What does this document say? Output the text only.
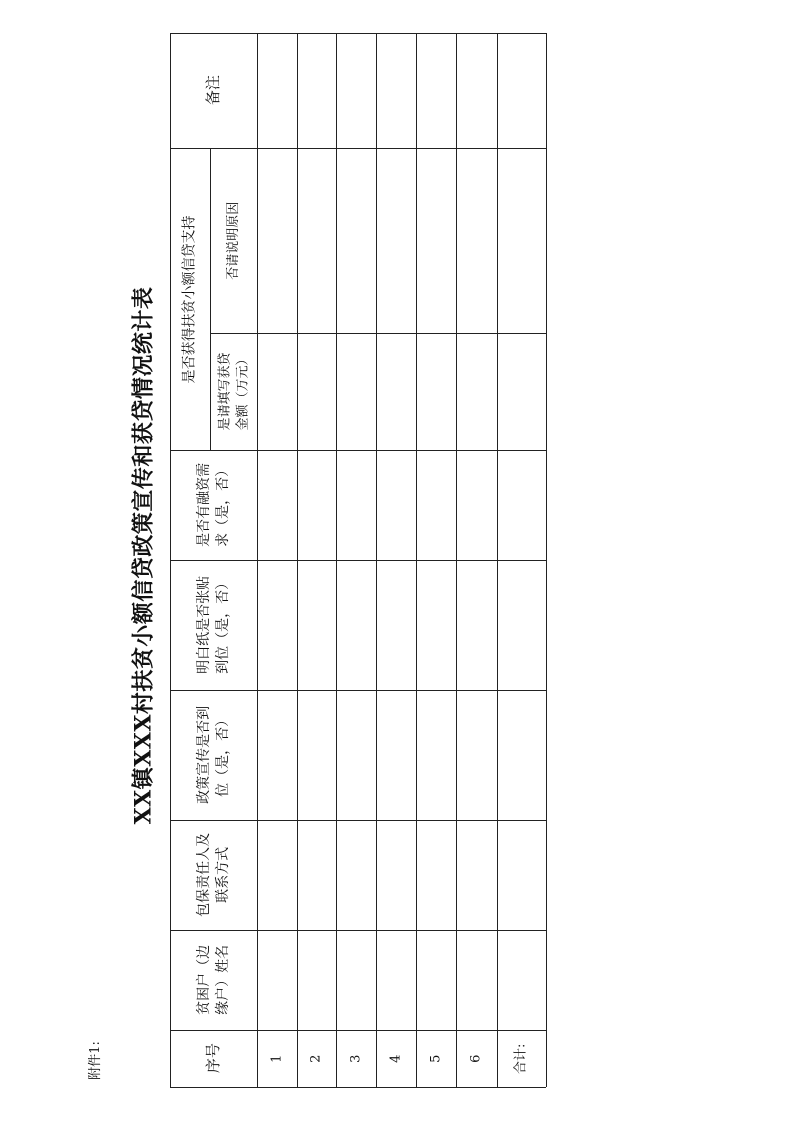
附件1:
XX镇XXX村扶贫小额信贷政策宣传和获贷情况统计表
序号
贫困户（边
缘户）姓名
包保责任人及
联系方式
政策宣传是否到
位（是，否）
明白纸是否张贴
到位（是，否）
是否有融资需
求（是，否）
是否获得扶贫小额信贷支持
是请填写获贷
金额（万元）
否请说明原因
备注
1 2 3 4 5 6 合计:
